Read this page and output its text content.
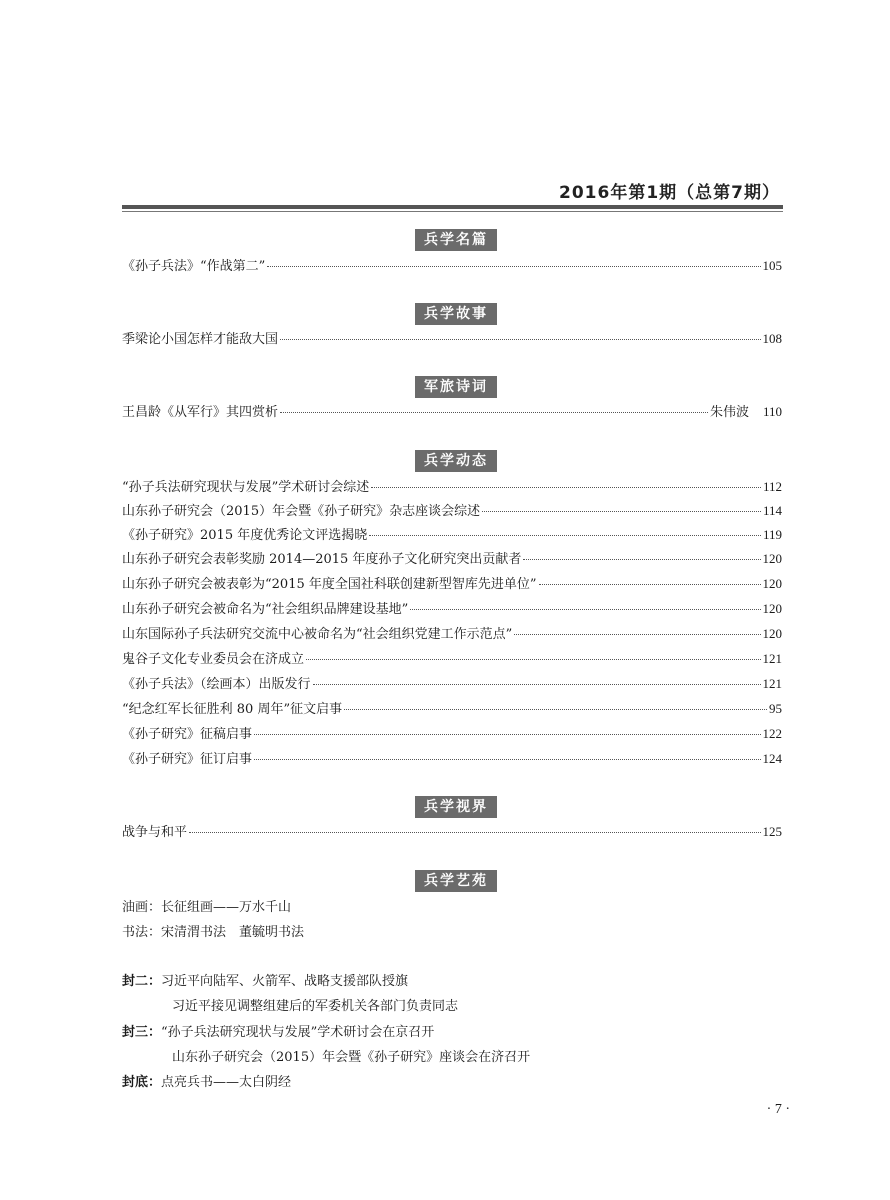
2016年第1期（总第7期）
兵学名篇
《孙子兵法》“作战第二”	105
兵学故事
季梁论小国怎样才能敌大国	108
军旅诗词
王昌龄《从军行》其四赏析	朱伟波 110
兵学动态
“孙子兵法研究现状与发展”学术研讨会综述	112
山东孙子研究会（2015）年会暨《孙子研究》杂志座谈会综述	114
《孙子研究》2015 年度优秀论文评选揭晓	119
山东孙子研究会表彰奖励 2014—2015 年度孙子文化研究突出贡献者	120
山东孙子研究会被表彰为“2015 年度全国社科联创建新型智库先进单位”	120
山东孙子研究会被命名为“社会组织品牌建设基地”	120
山东国际孙子兵法研究交流中心被命名为“社会组织党建工作示范点”	120
鬼谷子文化专业委员会在济成立	121
《孙子兵法》（绘画本）出版发行	121
“纪念红军长征胜利 80 周年”征文启事	95
《孙子研究》征稿启事	122
《孙子研究》征订启事	124
兵学视界
战争与和平	125
兵学艺苑
油画：长征组画——万水千山
书法：宋清渭书法　董毓明书法
封二：习近平向陆军、火箭军、战略支援部队授旗
习近平接见调整组建后的军委机关各部门负责同志
封三：“孙子兵法研究现状与发展”学术研讨会在京召开
山东孙子研究会（2015）年会暨《孙子研究》座谈会在济召开
封底：点亮兵书——太白阴经
· 7 ·
